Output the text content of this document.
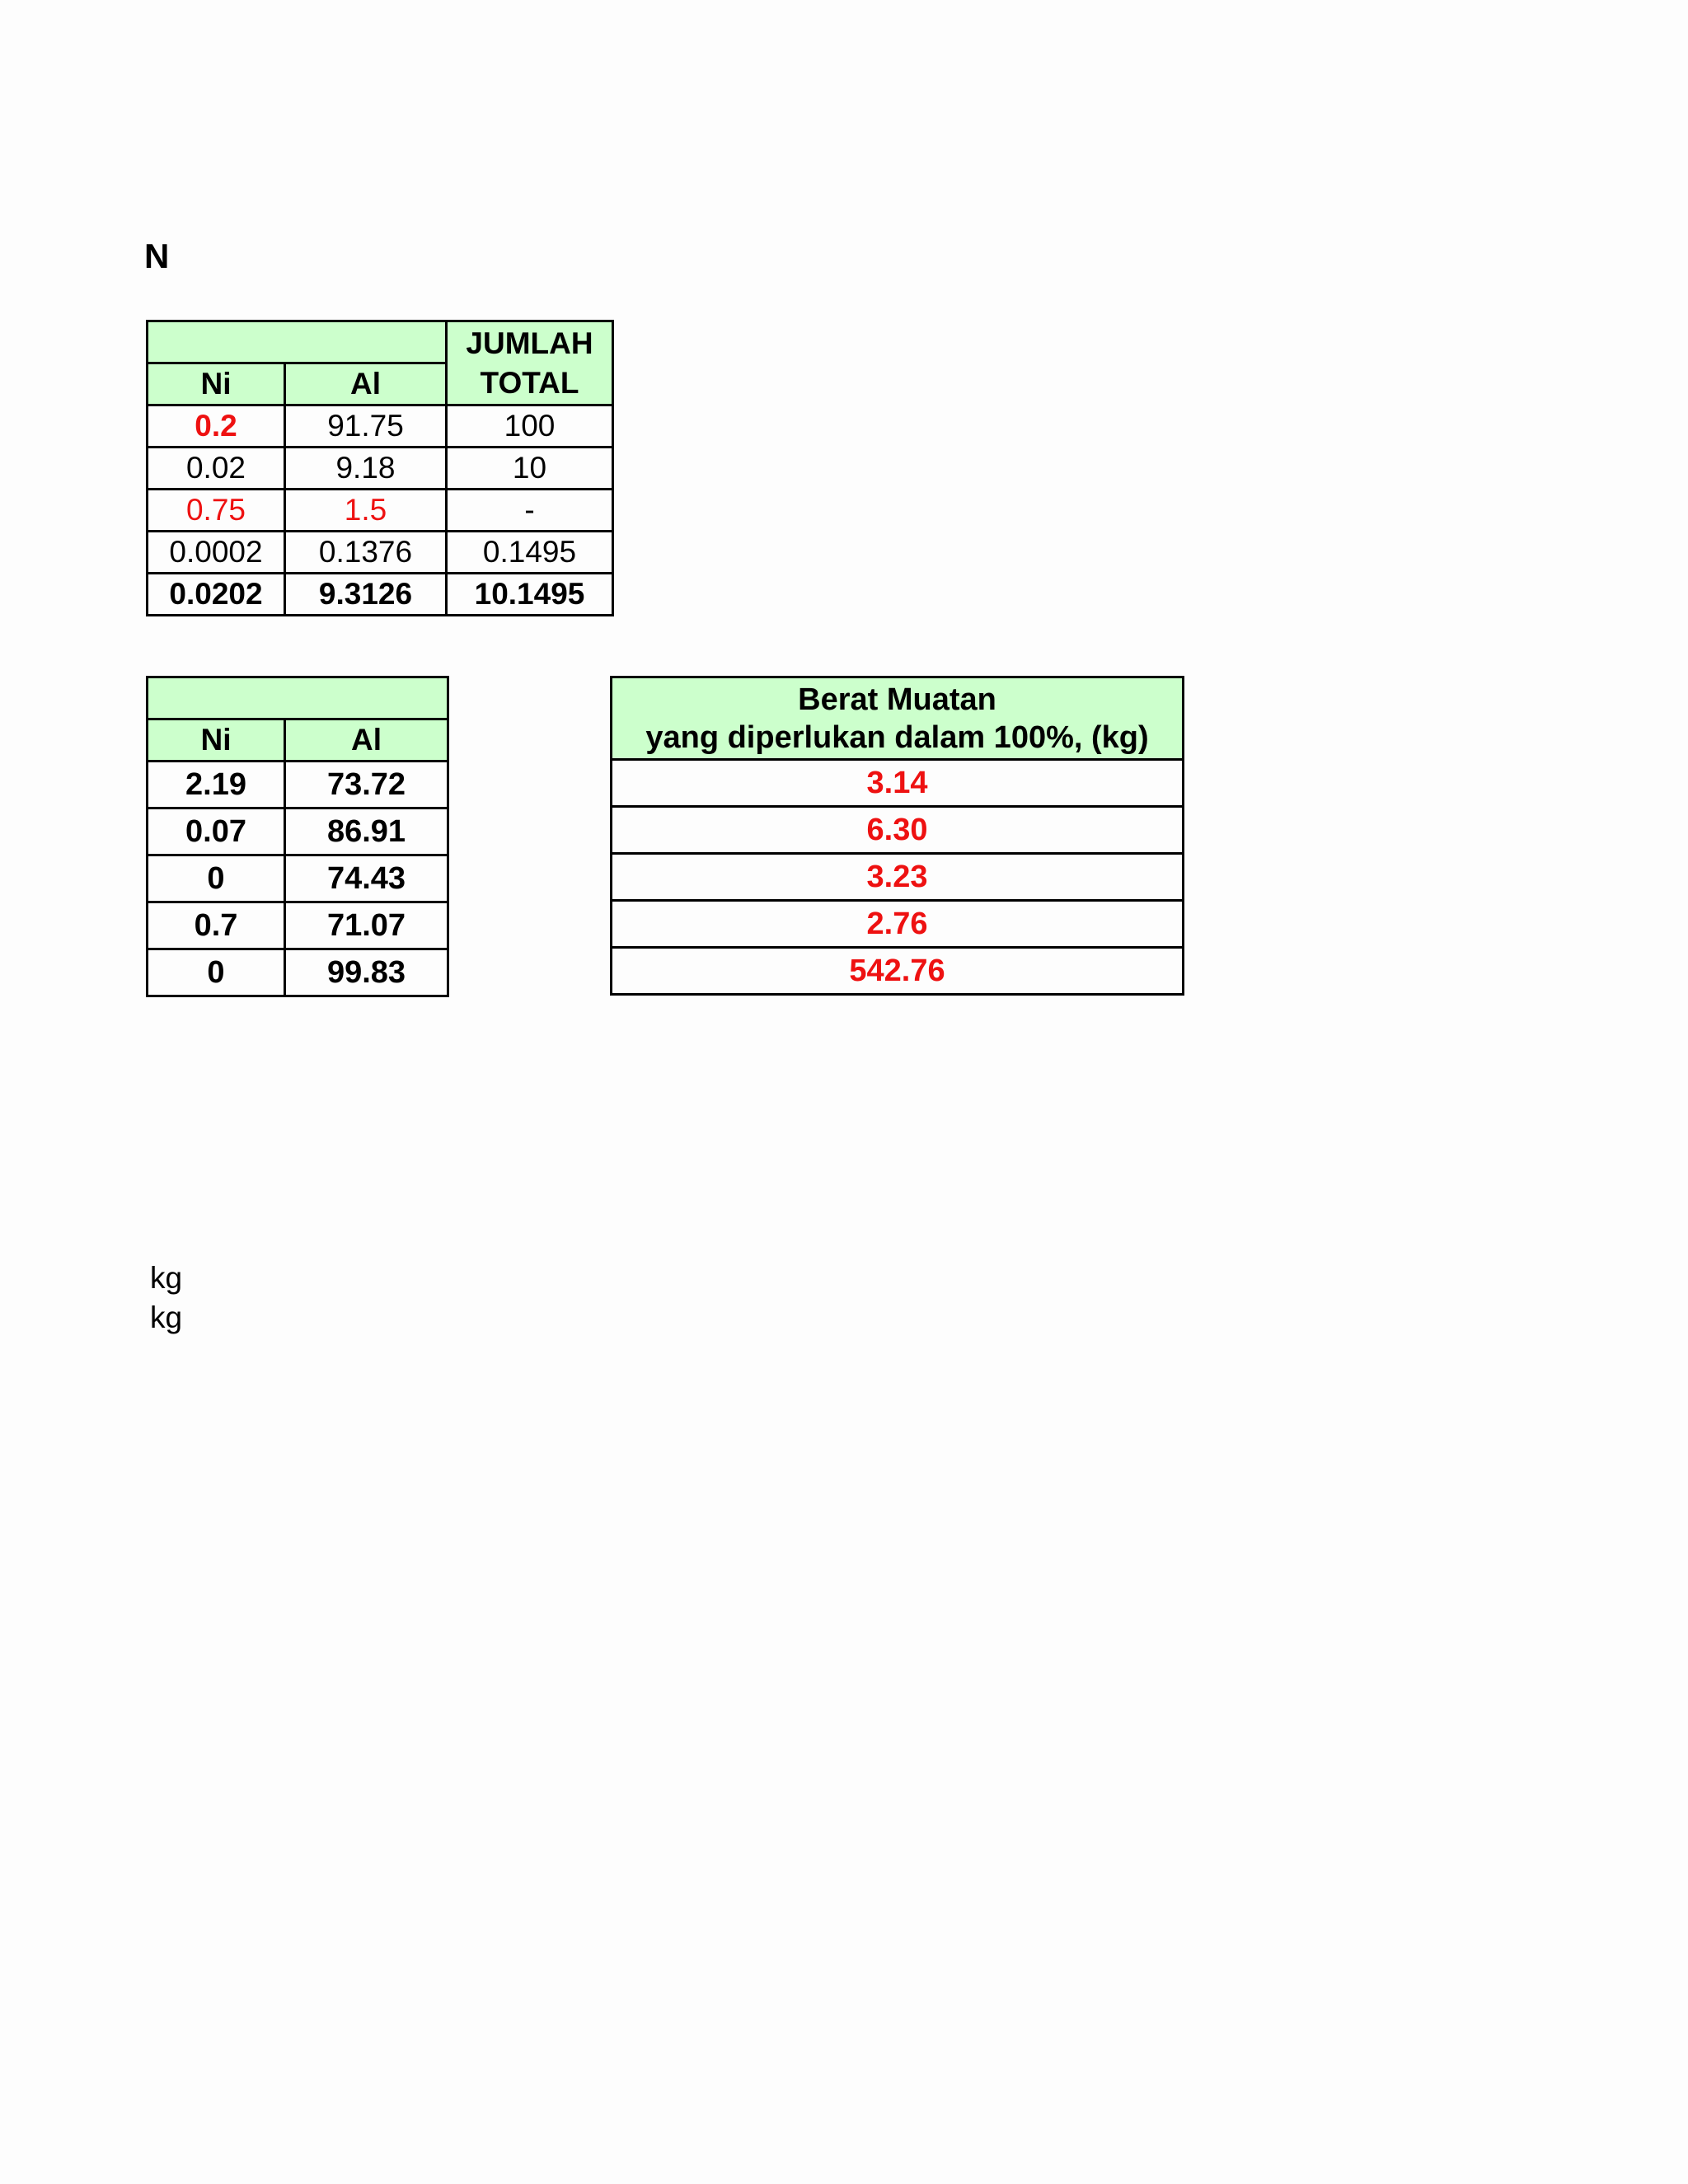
N

		JUMLAH
TOTAL

Ni	Al	
0.2	91.75	100
0.02	9.18	10
0.75	1.5	-
0.0002	0.1376	0.1495
0.0202	9.3126	10.1495

Ni	Al
2.19	73.72
0.07	86.91
0	74.43
0.7	71.07
0	99.83
Berat Muatan
yang diperlukan dalam 100%, (kg)

3.14
6.30
3.23
2.76
542.76
kg
kg
